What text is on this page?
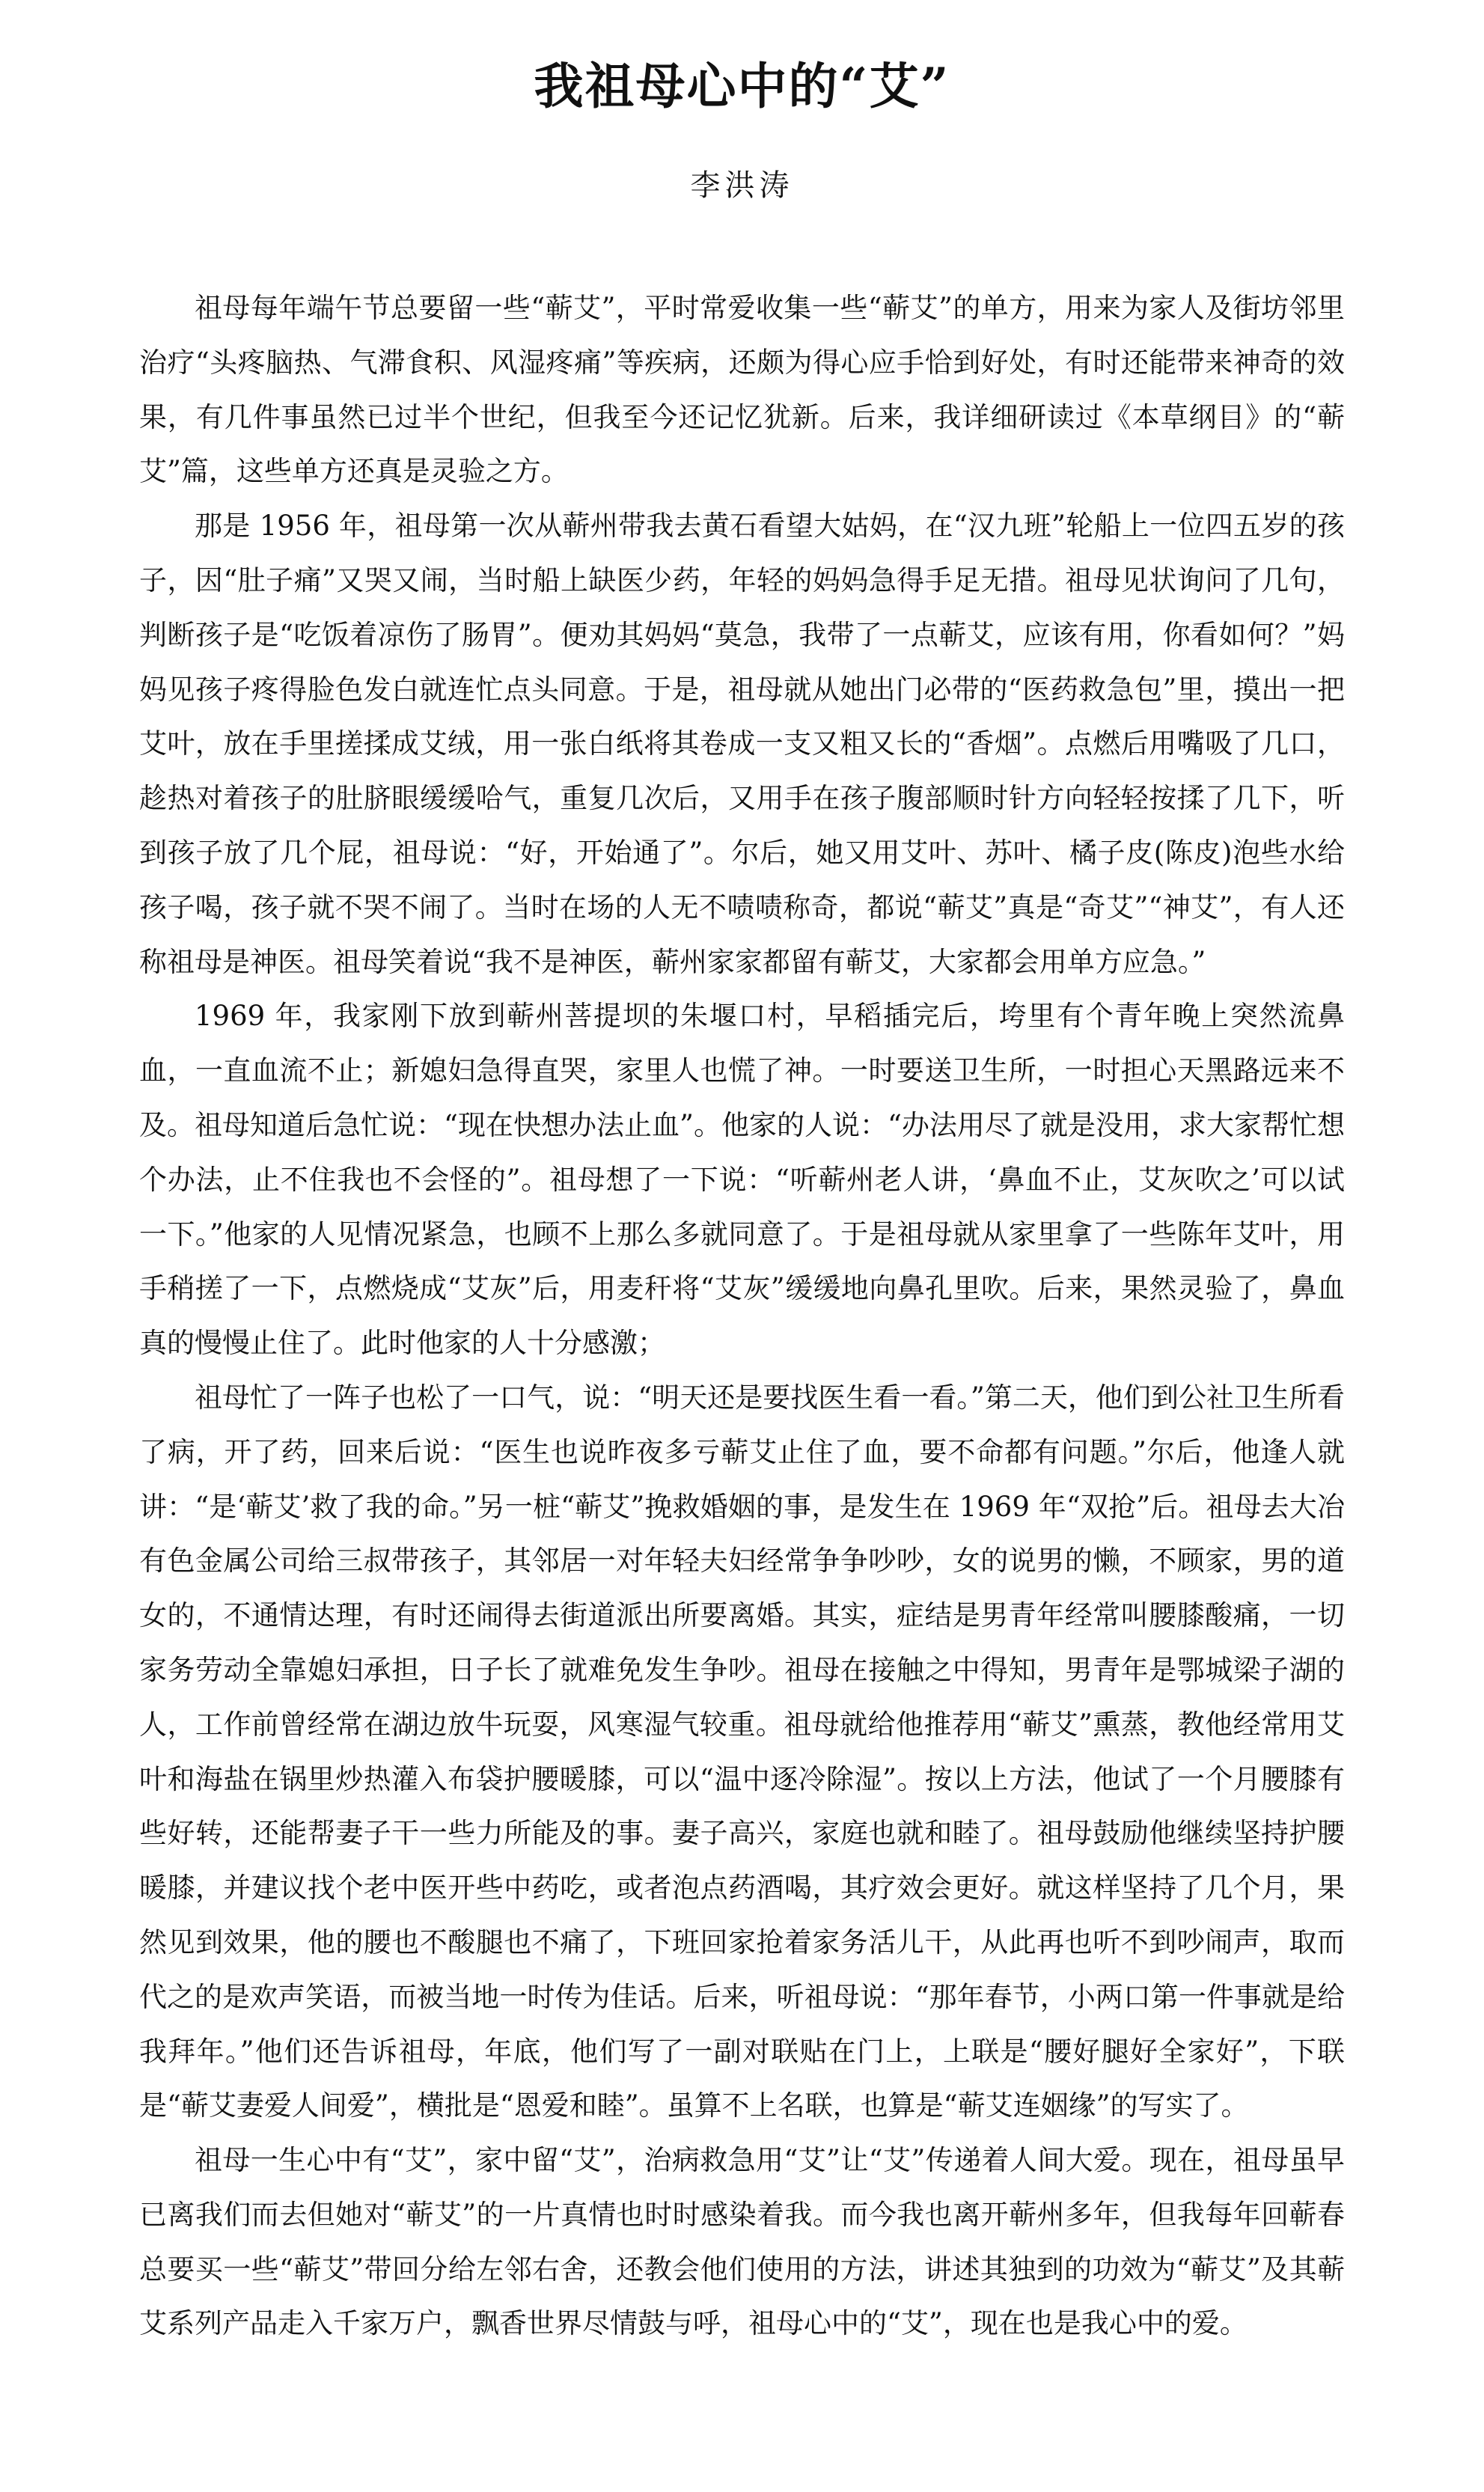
我祖母心中的“艾”
李洪涛

祖母每年端午节总要留一些“蕲艾”，平时常爱收集一些“蕲艾”的单方，用来为家人及街坊邻里治疗“头疼脑热、气滞食积、风湿疼痛”等疾病，还颇为得心应手恰到好处，有时还能带来神奇的效果，有几件事虽然已过半个世纪，但我至今还记忆犹新。后来，我详细研读过《本草纲目》的“蕲艾”篇，这些单方还真是灵验之方。

那是 1956 年，祖母第一次从蕲州带我去黄石看望大姑妈，在“汉九班”轮船上一位四五岁的孩子，因“肚子痛”又哭又闹，当时船上缺医少药，年轻的妈妈急得手足无措。祖母见状询问了几句，判断孩子是“吃饭着凉伤了肠胃”。便劝其妈妈“莫急，我带了一点蕲艾，应该有用，你看如何？”妈妈见孩子疼得脸色发白就连忙点头同意。于是，祖母就从她出门必带的“医药救急包”里，摸出一把艾叶，放在手里搓揉成艾绒，用一张白纸将其卷成一支又粗又长的“香烟”。点燃后用嘴吸了几口，趁热对着孩子的肚脐眼缓缓哈气，重复几次后，又用手在孩子腹部顺时针方向轻轻按揉了几下，听到孩子放了几个屁，祖母说：“好，开始通了”。尔后，她又用艾叶、苏叶、橘子皮(陈皮)泡些水给孩子喝，孩子就不哭不闹了。当时在场的人无不啧啧称奇，都说“蕲艾”真是“奇艾”“神艾”，有人还称祖母是神医。祖母笑着说“我不是神医，蕲州家家都留有蕲艾，大家都会用单方应急。”

1969 年，我家刚下放到蕲州菩提坝的朱堰口村，早稻插完后，垮里有个青年晚上突然流鼻血，一直血流不止；新媳妇急得直哭，家里人也慌了神。一时要送卫生所，一时担心天黑路远来不及。祖母知道后急忙说：“现在快想办法止血”。他家的人说：“办法用尽了就是没用，求大家帮忙想个办法，止不住我也不会怪的”。祖母想了一下说：“听蕲州老人讲，‘鼻血不止，艾灰吹之’可以试一下。”他家的人见情况紧急，也顾不上那么多就同意了。于是祖母就从家里拿了一些陈年艾叶，用手稍搓了一下，点燃烧成“艾灰”后，用麦秆将“艾灰”缓缓地向鼻孔里吹。后来，果然灵验了，鼻血真的慢慢止住了。此时他家的人十分感激；

祖母忙了一阵子也松了一口气，说：“明天还是要找医生看一看。”第二天，他们到公社卫生所看了病，开了药，回来后说：“医生也说昨夜多亏蕲艾止住了血，要不命都有问题。”尔后，他逢人就讲：“是‘蕲艾’救了我的命。”另一桩“蕲艾”挽救婚姻的事，是发生在 1969 年“双抢”后。祖母去大冶有色金属公司给三叔带孩子，其邻居一对年轻夫妇经常争争吵吵，女的说男的懒，不顾家，男的道女的，不通情达理，有时还闹得去街道派出所要离婚。其实，症结是男青年经常叫腰膝酸痛，一切家务劳动全靠媳妇承担，日子长了就难免发生争吵。祖母在接触之中得知，男青年是鄂城梁子湖的人，工作前曾经常在湖边放牛玩耍，风寒湿气较重。祖母就给他推荐用“蕲艾”熏蒸，教他经常用艾叶和海盐在锅里炒热灌入布袋护腰暖膝，可以“温中逐冷除湿”。按以上方法，他试了一个月腰膝有些好转，还能帮妻子干一些力所能及的事。妻子高兴，家庭也就和睦了。祖母鼓励他继续坚持护腰暖膝，并建议找个老中医开些中药吃，或者泡点药酒喝，其疗效会更好。就这样坚持了几个月，果然见到效果，他的腰也不酸腿也不痛了，下班回家抢着家务活儿干，从此再也听不到吵闹声，取而代之的是欢声笑语，而被当地一时传为佳话。后来，听祖母说：“那年春节，小两口第一件事就是给我拜年。”他们还告诉祖母，年底，他们写了一副对联贴在门上，上联是“腰好腿好全家好”，下联是“蕲艾妻爱人间爱”，横批是“恩爱和睦”。虽算不上名联，也算是“蕲艾连姻缘”的写实了。

祖母一生心中有“艾”，家中留“艾”，治病救急用“艾”让“艾”传递着人间大爱。现在，祖母虽早已离我们而去但她对“蕲艾”的一片真情也时时感染着我。而今我也离开蕲州多年，但我每年回蕲春总要买一些“蕲艾”带回分给左邻右舍，还教会他们使用的方法，讲述其独到的功效为“蕲艾”及其蕲艾系列产品走入千家万户，飘香世界尽情鼓与呼，祖母心中的“艾”，现在也是我心中的爱。
